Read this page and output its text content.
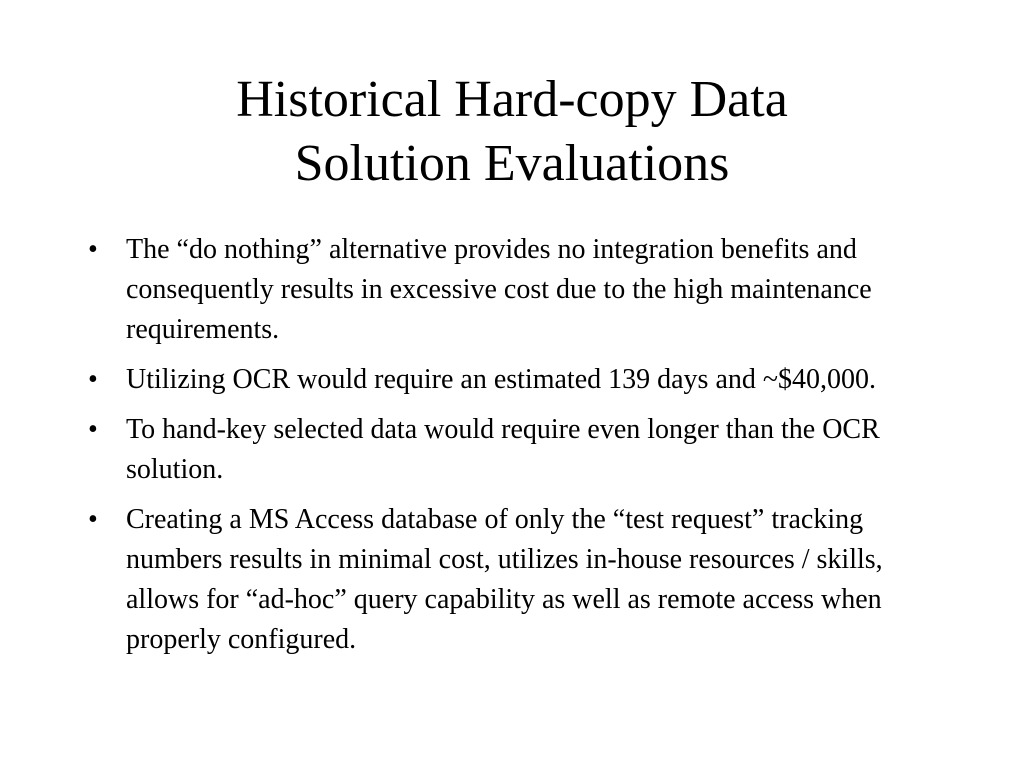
Historical Hard-copy Data
Solution Evaluations
•	The “do nothing” alternative provides no integration benefits and consequently results in excessive cost due to the high maintenance requirements.
•	Utilizing OCR would require an estimated 139 days and ~$40,000.
•	To hand-key selected data would require even longer than the OCR solution.
•	Creating a MS Access database of only the “test request” tracking numbers results in minimal cost, utilizes in-house resources / skills, allows for “ad-hoc” query capability as well as remote access when properly configured.
